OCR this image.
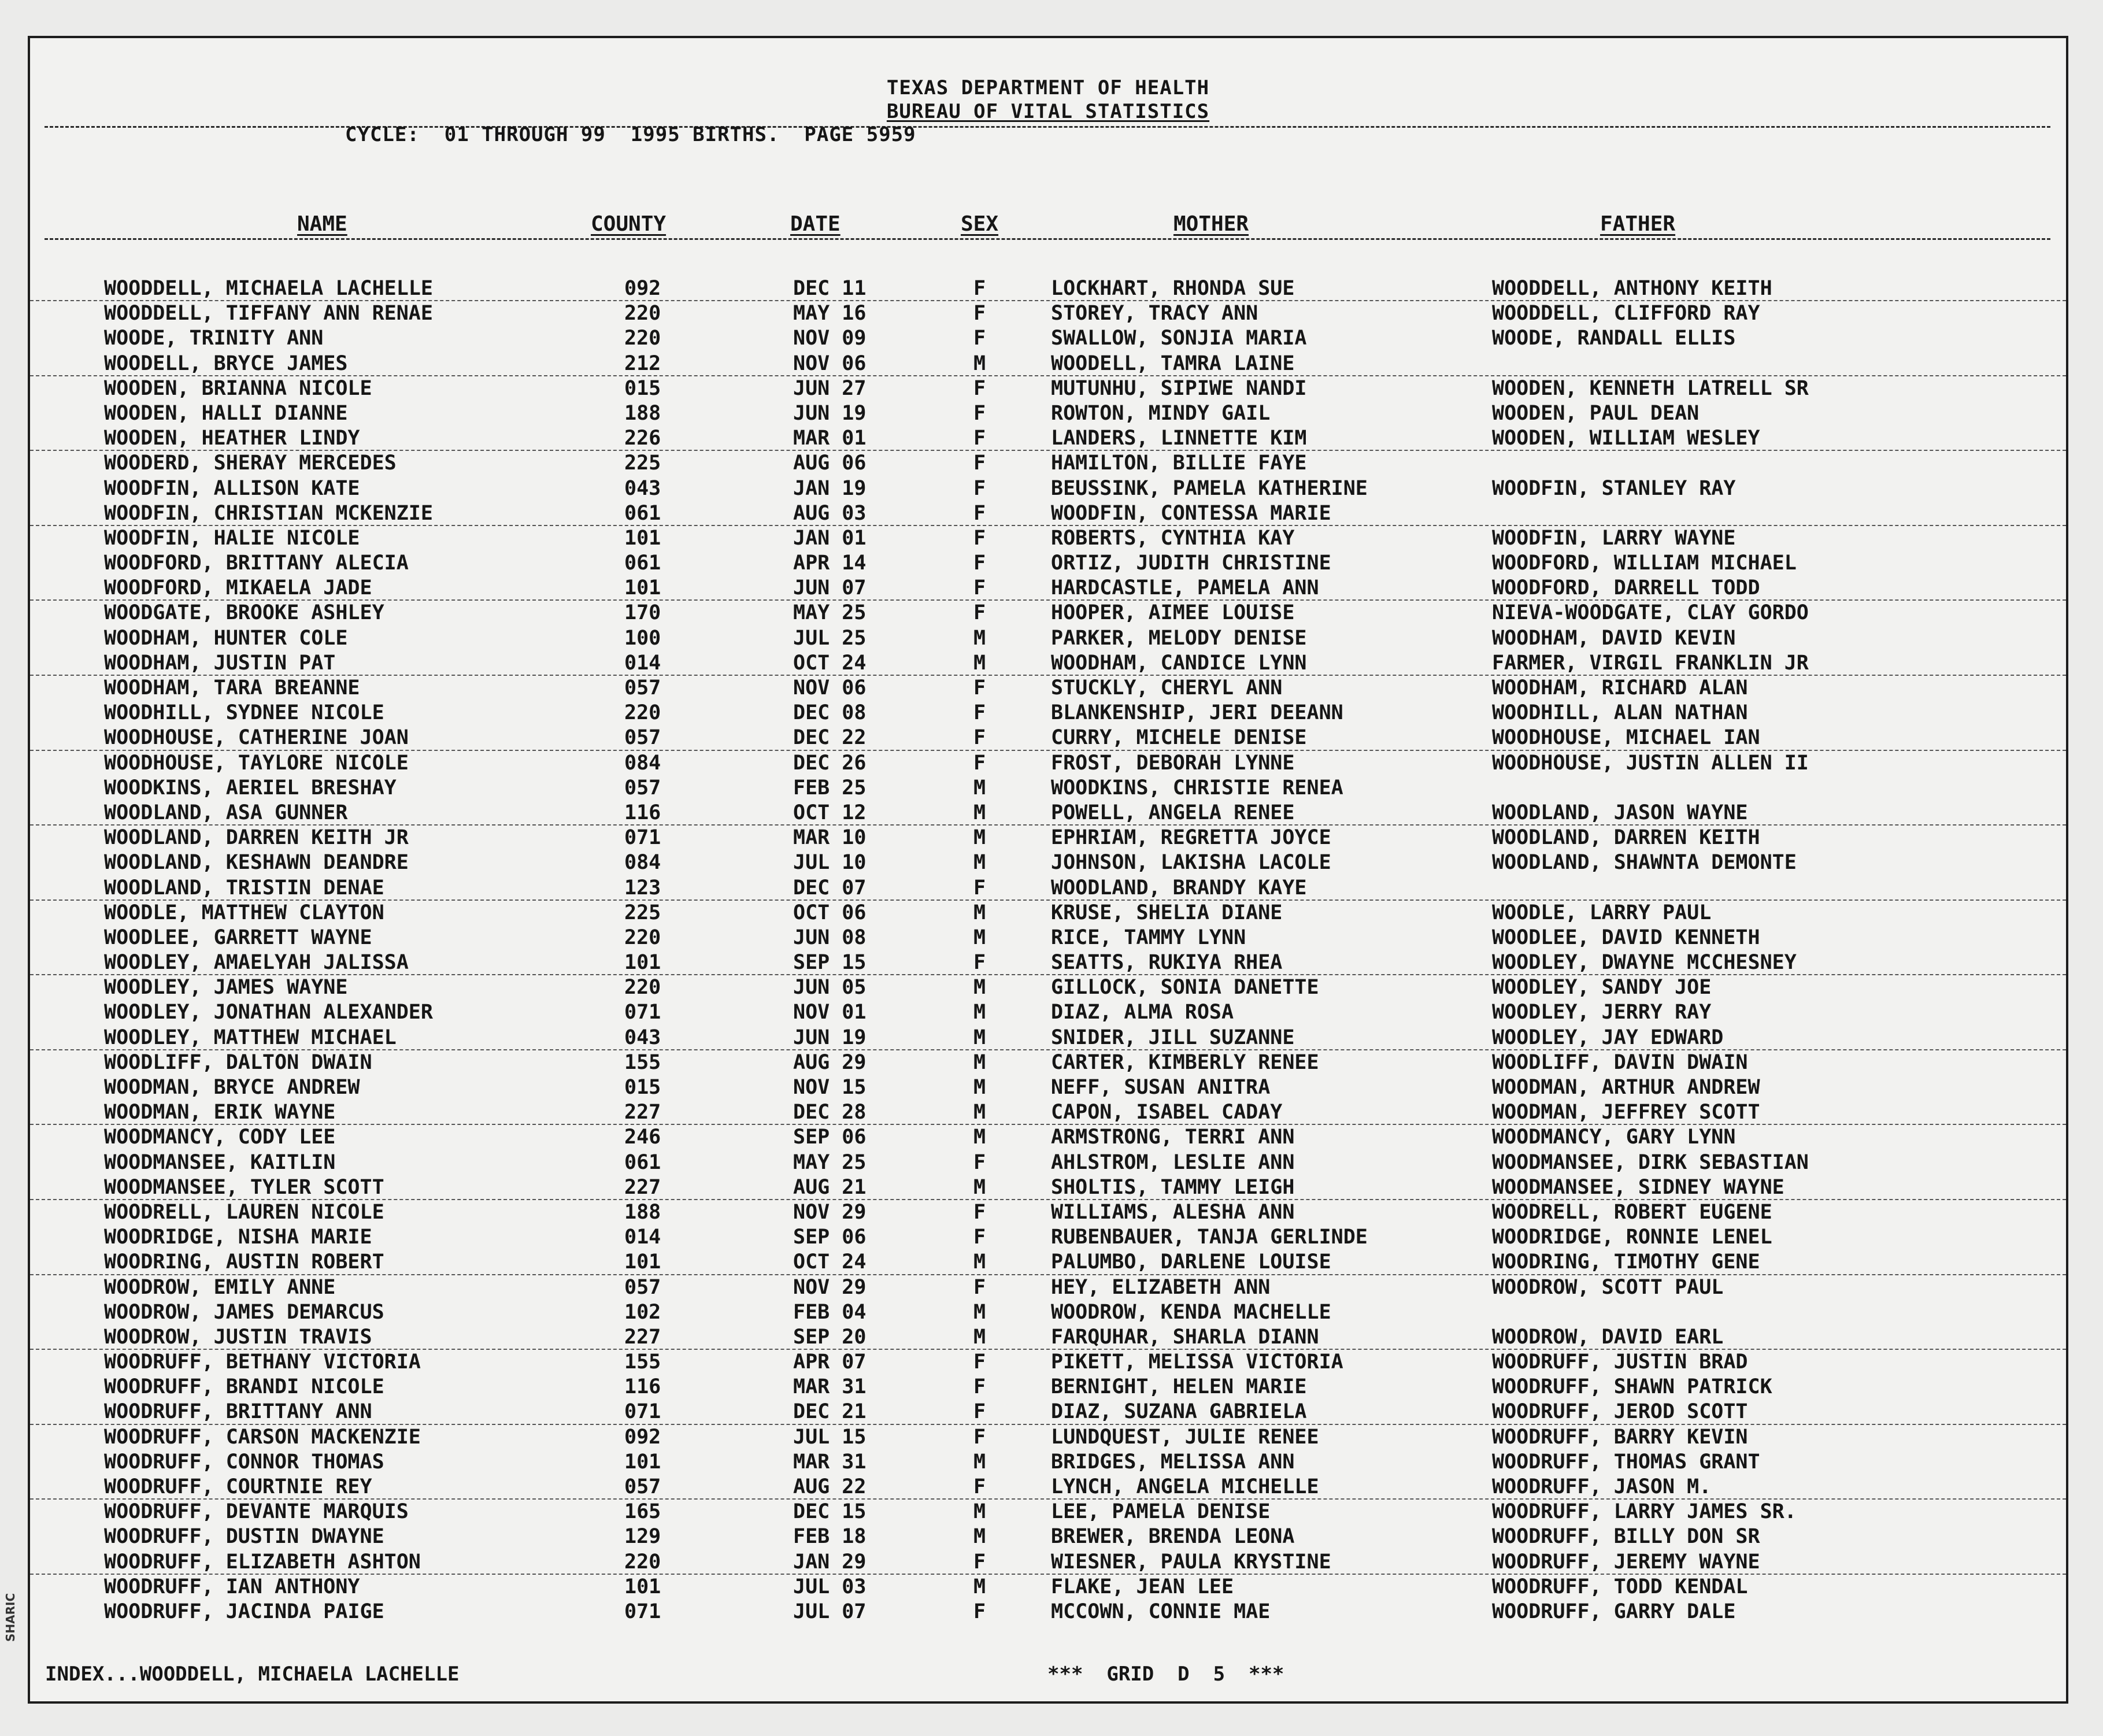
TEXAS DEPARTMENT OF HEALTH
BUREAU OF VITAL STATISTICS
CYCLE:  01 THROUGH 99  1995 BIRTHS.  PAGE 5959
NAME	COUNTY	DATE	SEX	MOTHER	FATHER
WOODDELL, MICHAELA LACHELLE	092	DEC 11	F	LOCKHART, RHONDA SUE	WOODDELL, ANTHONY KEITH
WOODDELL, TIFFANY ANN RENAE	220	MAY 16	F	STOREY, TRACY ANN	WOODDELL, CLIFFORD RAY
WOODE, TRINITY ANN	220	NOV 09	F	SWALLOW, SONJIA MARIA	WOODE, RANDALL ELLIS
WOODELL, BRYCE JAMES	212	NOV 06	M	WOODELL, TAMRA LAINE
WOODEN, BRIANNA NICOLE	015	JUN 27	F	MUTUNHU, SIPIWE NANDI	WOODEN, KENNETH LATRELL SR
WOODEN, HALLI DIANNE	188	JUN 19	F	ROWTON, MINDY GAIL	WOODEN, PAUL DEAN
WOODEN, HEATHER LINDY	226	MAR 01	F	LANDERS, LINNETTE KIM	WOODEN, WILLIAM WESLEY
WOODERD, SHERAY MERCEDES	225	AUG 06	F	HAMILTON, BILLIE FAYE
WOODFIN, ALLISON KATE	043	JAN 19	F	BEUSSINK, PAMELA KATHERINE	WOODFIN, STANLEY RAY
WOODFIN, CHRISTIAN MCKENZIE	061	AUG 03	F	WOODFIN, CONTESSA MARIE
WOODFIN, HALIE NICOLE	101	JAN 01	F	ROBERTS, CYNTHIA KAY	WOODFIN, LARRY WAYNE
WOODFORD, BRITTANY ALECIA	061	APR 14	F	ORTIZ, JUDITH CHRISTINE	WOODFORD, WILLIAM MICHAEL
WOODFORD, MIKAELA JADE	101	JUN 07	F	HARDCASTLE, PAMELA ANN	WOODFORD, DARRELL TODD
WOODGATE, BROOKE ASHLEY	170	MAY 25	F	HOOPER, AIMEE LOUISE	NIEVA-WOODGATE, CLAY GORDO
WOODHAM, HUNTER COLE	100	JUL 25	M	PARKER, MELODY DENISE	WOODHAM, DAVID KEVIN
WOODHAM, JUSTIN PAT	014	OCT 24	M	WOODHAM, CANDICE LYNN	FARMER, VIRGIL FRANKLIN JR
WOODHAM, TARA BREANNE	057	NOV 06	F	STUCKLY, CHERYL ANN	WOODHAM, RICHARD ALAN
WOODHILL, SYDNEE NICOLE	220	DEC 08	F	BLANKENSHIP, JERI DEEANN	WOODHILL, ALAN NATHAN
WOODHOUSE, CATHERINE JOAN	057	DEC 22	F	CURRY, MICHELE DENISE	WOODHOUSE, MICHAEL IAN
WOODHOUSE, TAYLORE NICOLE	084	DEC 26	F	FROST, DEBORAH LYNNE	WOODHOUSE, JUSTIN ALLEN II
WOODKINS, AERIEL BRESHAY	057	FEB 25	M	WOODKINS, CHRISTIE RENEA
WOODLAND, ASA GUNNER	116	OCT 12	M	POWELL, ANGELA RENEE	WOODLAND, JASON WAYNE
WOODLAND, DARREN KEITH JR	071	MAR 10	M	EPHRIAM, REGRETTA JOYCE	WOODLAND, DARREN KEITH
WOODLAND, KESHAWN DEANDRE	084	JUL 10	M	JOHNSON, LAKISHA LACOLE	WOODLAND, SHAWNTA DEMONTE
WOODLAND, TRISTIN DENAE	123	DEC 07	F	WOODLAND, BRANDY KAYE
WOODLE, MATTHEW CLAYTON	225	OCT 06	M	KRUSE, SHELIA DIANE	WOODLE, LARRY PAUL
WOODLEE, GARRETT WAYNE	220	JUN 08	M	RICE, TAMMY LYNN	WOODLEE, DAVID KENNETH
WOODLEY, AMAELYAH JALISSA	101	SEP 15	F	SEATTS, RUKIYA RHEA	WOODLEY, DWAYNE MCCHESNEY
WOODLEY, JAMES WAYNE	220	JUN 05	M	GILLOCK, SONIA DANETTE	WOODLEY, SANDY JOE
WOODLEY, JONATHAN ALEXANDER	071	NOV 01	M	DIAZ, ALMA ROSA	WOODLEY, JERRY RAY
WOODLEY, MATTHEW MICHAEL	043	JUN 19	M	SNIDER, JILL SUZANNE	WOODLEY, JAY EDWARD
WOODLIFF, DALTON DWAIN	155	AUG 29	M	CARTER, KIMBERLY RENEE	WOODLIFF, DAVIN DWAIN
WOODMAN, BRYCE ANDREW	015	NOV 15	M	NEFF, SUSAN ANITRA	WOODMAN, ARTHUR ANDREW
WOODMAN, ERIK WAYNE	227	DEC 28	M	CAPON, ISABEL CADAY	WOODMAN, JEFFREY SCOTT
WOODMANCY, CODY LEE	246	SEP 06	M	ARMSTRONG, TERRI ANN	WOODMANCY, GARY LYNN
WOODMANSEE, KAITLIN	061	MAY 25	F	AHLSTROM, LESLIE ANN	WOODMANSEE, DIRK SEBASTIAN
WOODMANSEE, TYLER SCOTT	227	AUG 21	M	SHOLTIS, TAMMY LEIGH	WOODMANSEE, SIDNEY WAYNE
WOODRELL, LAUREN NICOLE	188	NOV 29	F	WILLIAMS, ALESHA ANN	WOODRELL, ROBERT EUGENE
WOODRIDGE, NISHA MARIE	014	SEP 06	F	RUBENBAUER, TANJA GERLINDE	WOODRIDGE, RONNIE LENEL
WOODRING, AUSTIN ROBERT	101	OCT 24	M	PALUMBO, DARLENE LOUISE	WOODRING, TIMOTHY GENE
WOODROW, EMILY ANNE	057	NOV 29	F	HEY, ELIZABETH ANN	WOODROW, SCOTT PAUL
WOODROW, JAMES DEMARCUS	102	FEB 04	M	WOODROW, KENDA MACHELLE
WOODROW, JUSTIN TRAVIS	227	SEP 20	M	FARQUHAR, SHARLA DIANN	WOODROW, DAVID EARL
WOODRUFF, BETHANY VICTORIA	155	APR 07	F	PIKETT, MELISSA VICTORIA	WOODRUFF, JUSTIN BRAD
WOODRUFF, BRANDI NICOLE	116	MAR 31	F	BERNIGHT, HELEN MARIE	WOODRUFF, SHAWN PATRICK
WOODRUFF, BRITTANY ANN	071	DEC 21	F	DIAZ, SUZANA GABRIELA	WOODRUFF, JEROD SCOTT
WOODRUFF, CARSON MACKENZIE	092	JUL 15	F	LUNDQUEST, JULIE RENEE	WOODRUFF, BARRY KEVIN
WOODRUFF, CONNOR THOMAS	101	MAR 31	M	BRIDGES, MELISSA ANN	WOODRUFF, THOMAS GRANT
WOODRUFF, COURTNIE REY	057	AUG 22	F	LYNCH, ANGELA MICHELLE	WOODRUFF, JASON M.
WOODRUFF, DEVANTE MARQUIS	165	DEC 15	M	LEE, PAMELA DENISE	WOODRUFF, LARRY JAMES SR.
WOODRUFF, DUSTIN DWAYNE	129	FEB 18	M	BREWER, BRENDA LEONA	WOODRUFF, BILLY DON SR
WOODRUFF, ELIZABETH ASHTON	220	JAN 29	F	WIESNER, PAULA KRYSTINE	WOODRUFF, JEREMY WAYNE
WOODRUFF, IAN ANTHONY	101	JUL 03	M	FLAKE, JEAN LEE	WOODRUFF, TODD KENDAL
WOODRUFF, JACINDA PAIGE	071	JUL 07	F	MCCOWN, CONNIE MAE	WOODRUFF, GARRY DALE
INDEX...WOODDELL, MICHAELA LACHELLE	***  GRID  D  5  ***
SHARIC
